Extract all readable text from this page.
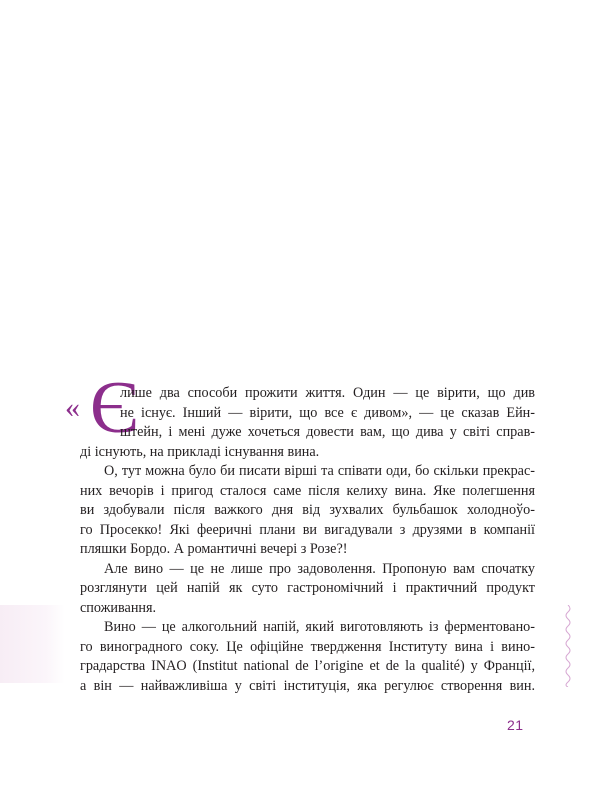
« Є
лише два способи прожити життя. Один — це вірити, що див
не існує. Інший — вірити, що все є дивом», — це сказав Ейн-
штейн, і мені дуже хочеться довести вам, що дива у світі справ-
ді існують, на прикладі існування вина.
О, тут можна було би писати вірші та співати оди, бо скільки прекрас-
них вечорів і пригод сталося саме після келиху вина. Яке полегшення
ви здобували після важкого дня від зухвалих бульбашок холодноўо-
го Просекко! Які фееричні плани ви вигадували з друзями в компанії
пляшки Бордо. А романтичні вечері з Розе?!
Але вино — це не лише про задоволення. Пропоную вам спочатку
розглянути цей напій як суто гастрономічний і практичний продукт
споживання.
Вино — це алкогольний напій, який виготовляють із ферментовано-
го виноградного соку. Це офіційне твердження Інституту вина і вино-
градарства INAO (Institut national de l’origine et de la qualité) у Франції,
а він — найважливіша у світі інституція, яка регулює створення вин.
21
